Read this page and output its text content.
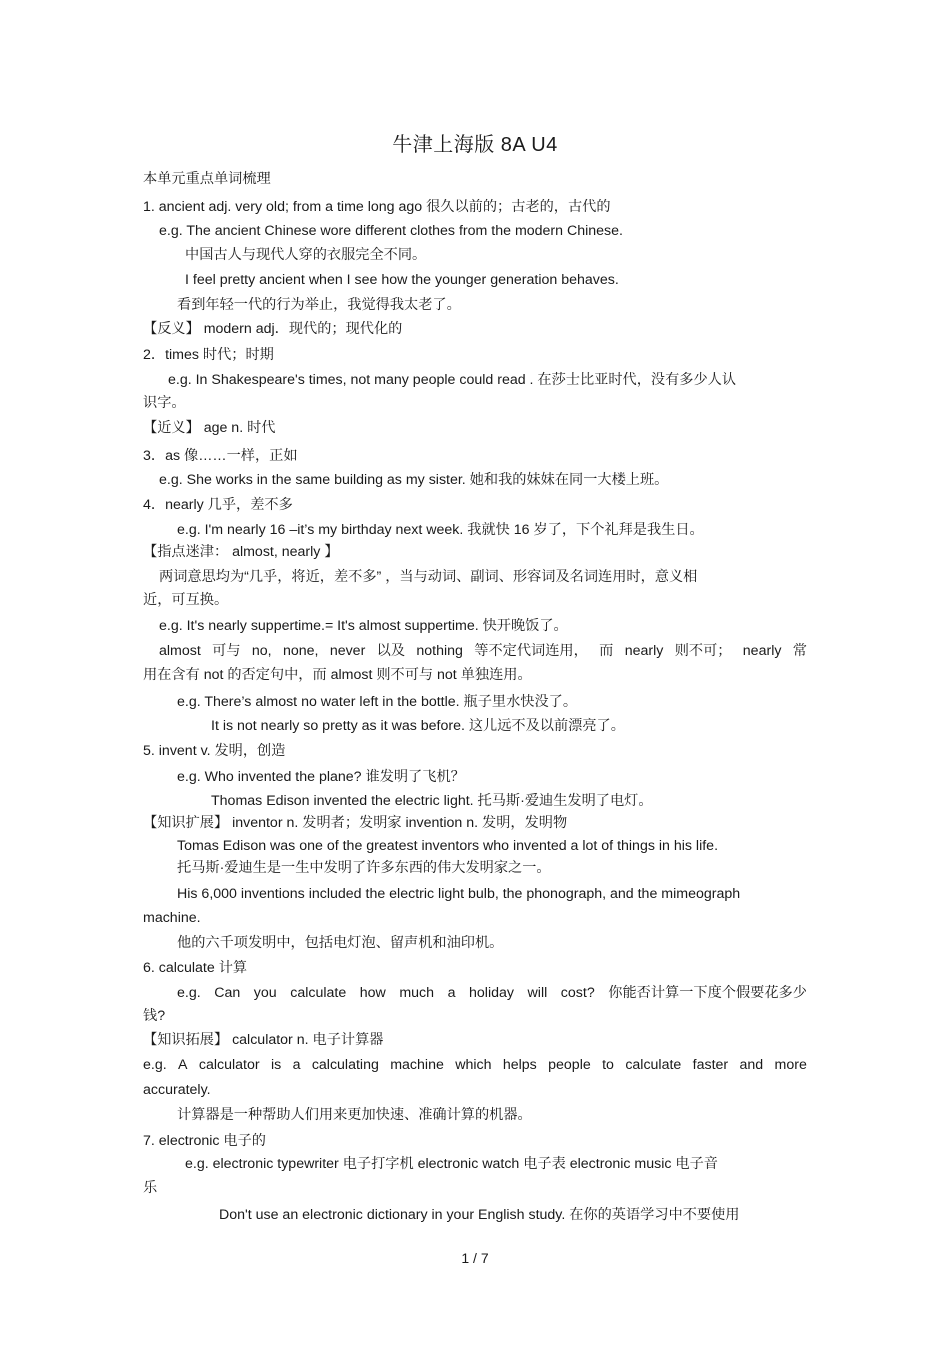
牛津上海版 8A U4
本单元重点单词梳理
1. ancient adj. very old; from a time long ago 很久以前的；古老的，古代的
e.g. The ancient Chinese wore different clothes from the modern Chinese.
中国古人与现代人穿的衣服完全不同。
I feel pretty ancient when I see how the younger generation behaves.
看到年轻一代的行为举止，我觉得我太老了。
【反义】 modern adj．现代的；现代化的
2．times 时代；时期
e.g. In Shakespeare's times, not many people could read . 在莎士比亚时代，没有多少人认
识字。
【近义】 age n. 时代
3．as 像……一样，正如
e.g. She works in the same building as my sister. 她和我的妹妹在同一大楼上班。
4．nearly 几乎，差不多
e.g. I'm nearly 16 –it’s my birthday next week. 我就快 16 岁了，下个礼拜是我生日。
【指点迷津： almost, nearly 】
两词意思均为“几乎，将近，差不多” ，当与动词、副词、形容词及名词连用时，意义相
近，可互换。
e.g. It's nearly suppertime.= It's almost suppertime. 快开晚饭了。
用在含有 not 的否定句中，而 almost 则不可与 not 单独连用。
e.g. There’s almost no water left in the bottle. 瓶子里水快没了。
It is not nearly so pretty as it was before. 这儿远不及以前漂亮了。
5. invent v. 发明，创造
e.g. Who invented the plane? 谁发明了飞机？
Thomas Edison invented the electric light. 托马斯·爱迪生发明了电灯。
【知识扩展】 inventor n. 发明者；发明家 invention n. 发明，发明物
Tomas Edison was one of the greatest inventors who invented a lot of things in his life.
托马斯·爱迪生是一生中发明了许多东西的伟大发明家之一。
His 6,000 inventions included the electric light bulb, the phonograph, and the mimeograph
machine.
他的六千项发明中，包括电灯泡、留声机和油印机。
6. calculate 计算
钱?
【知识拓展】 calculator n. 电子计算器
accurately.
计算器是一种帮助人们用来更加快速、准确计算的机器。
7. electronic 电子的
e.g. electronic typewriter 电子打字机 electronic watch 电子表 electronic music 电子音
乐
Don't use an electronic dictionary in your English study. 在你的英语学习中不要使用
almost 可与 no, none, never 以及 nothing 等不定代词连用， 而 nearly 则不可； nearly 常
e.g. Can you calculate how much a holiday will cost? 你能否计算一下度个假要花多少
e.g. A calculator is a calculating machine which helps people to calculate faster and more
1 / 7
